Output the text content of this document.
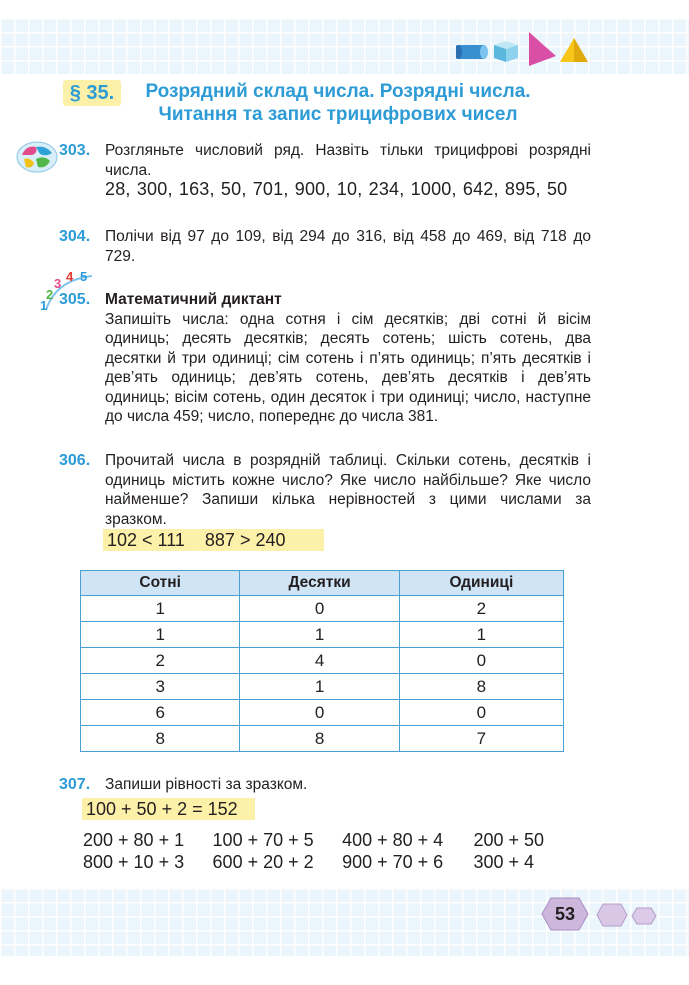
§ 35.	Розрядний склад числа. Розрядні числа.
Читання та запис трицифрових чисел
303. Розгляньте числовий ряд. Назвіть тільки трицифрові розрядні числа.
28, 300, 163, 50, 701, 900, 10, 234, 1000, 642, 895, 50
304. Полічи від 97 до 109, від 294 до 316, від 458 до 469, від 718 до 729.
1
2
3 4 5
305. Математичний диктант
Запишіть числа: одна сотня і сім десятків; дві сотні й вісім одиниць; десять десятків; десять сотень; шість сотень, два десятки й три одиниці; сім сотень і п’ять одиниць; п’ять десятків і дев’ять одиниць; дев’ять сотень, дев’ять десятків і дев’ять одиниць; вісім сотень, один десяток і три одиниці; число, наступне до числа 459; число, попереднє до числа 381.
306. Прочитай числа в розрядній таблиці. Скільки сотень, десятків і одиниць містить кожне число? Яке число найбільше? Яке число найменше? Запиши кілька нерівностей з цими числами за зразком.
102 < 111    887 > 240
Сотні	Десятки	Одиниці
1	0	2
1	1	1
2	4	0
3	1	8
6	0	0
8	8	7
307. Запиши рівності за зразком.
100 + 50 + 2 = 152
200 + 80 + 1	100 + 70 + 5	400 + 80 + 4	200 + 50
800 + 10 + 3	600 + 20 + 2	900 + 70 + 6	300 + 4
53
